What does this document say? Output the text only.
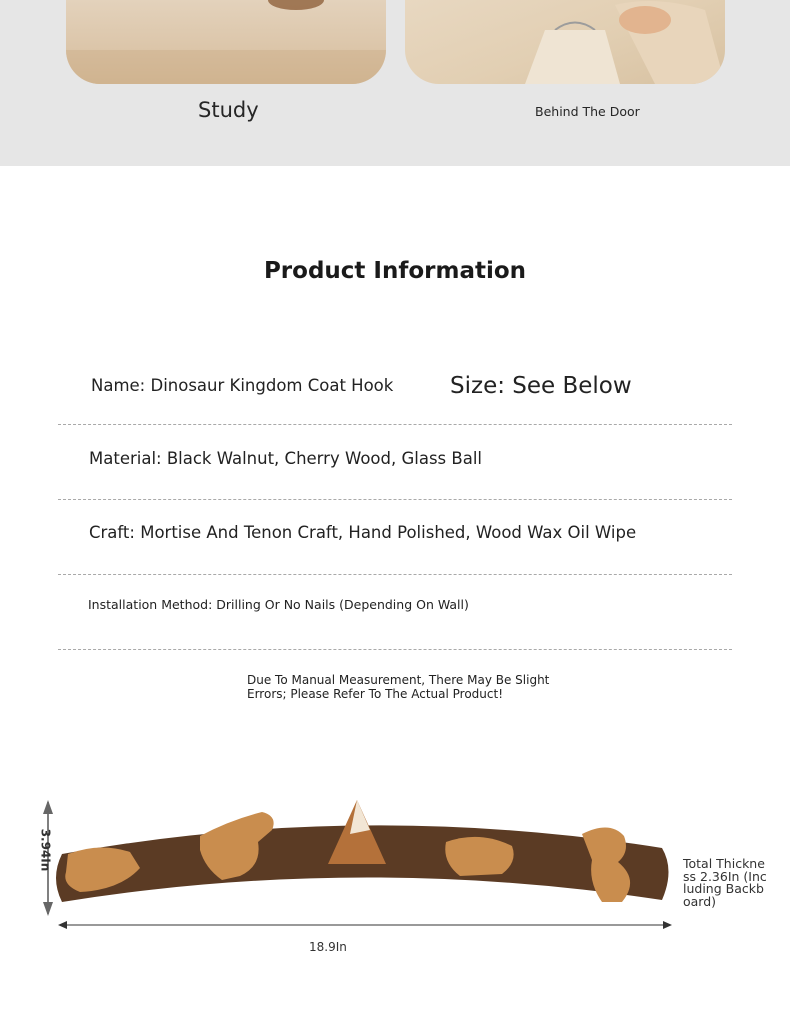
Study	Behind The Door
Product Information
Name: Dinosaur Kingdom Coat Hook Size: See Below
Material: Black Walnut, Cherry Wood, Glass Ball
Craft: Mortise And Tenon Craft, Hand Polished, Wood Wax Oil Wipe
Installation Method: Drilling Or No Nails (Depending On Wall)
Due To Manual Measurement, There May Be Slight Errors; Please Refer To The Actual Product!
18.9In
3.94In	Total Thickness 2.36In (Including Backboard)
